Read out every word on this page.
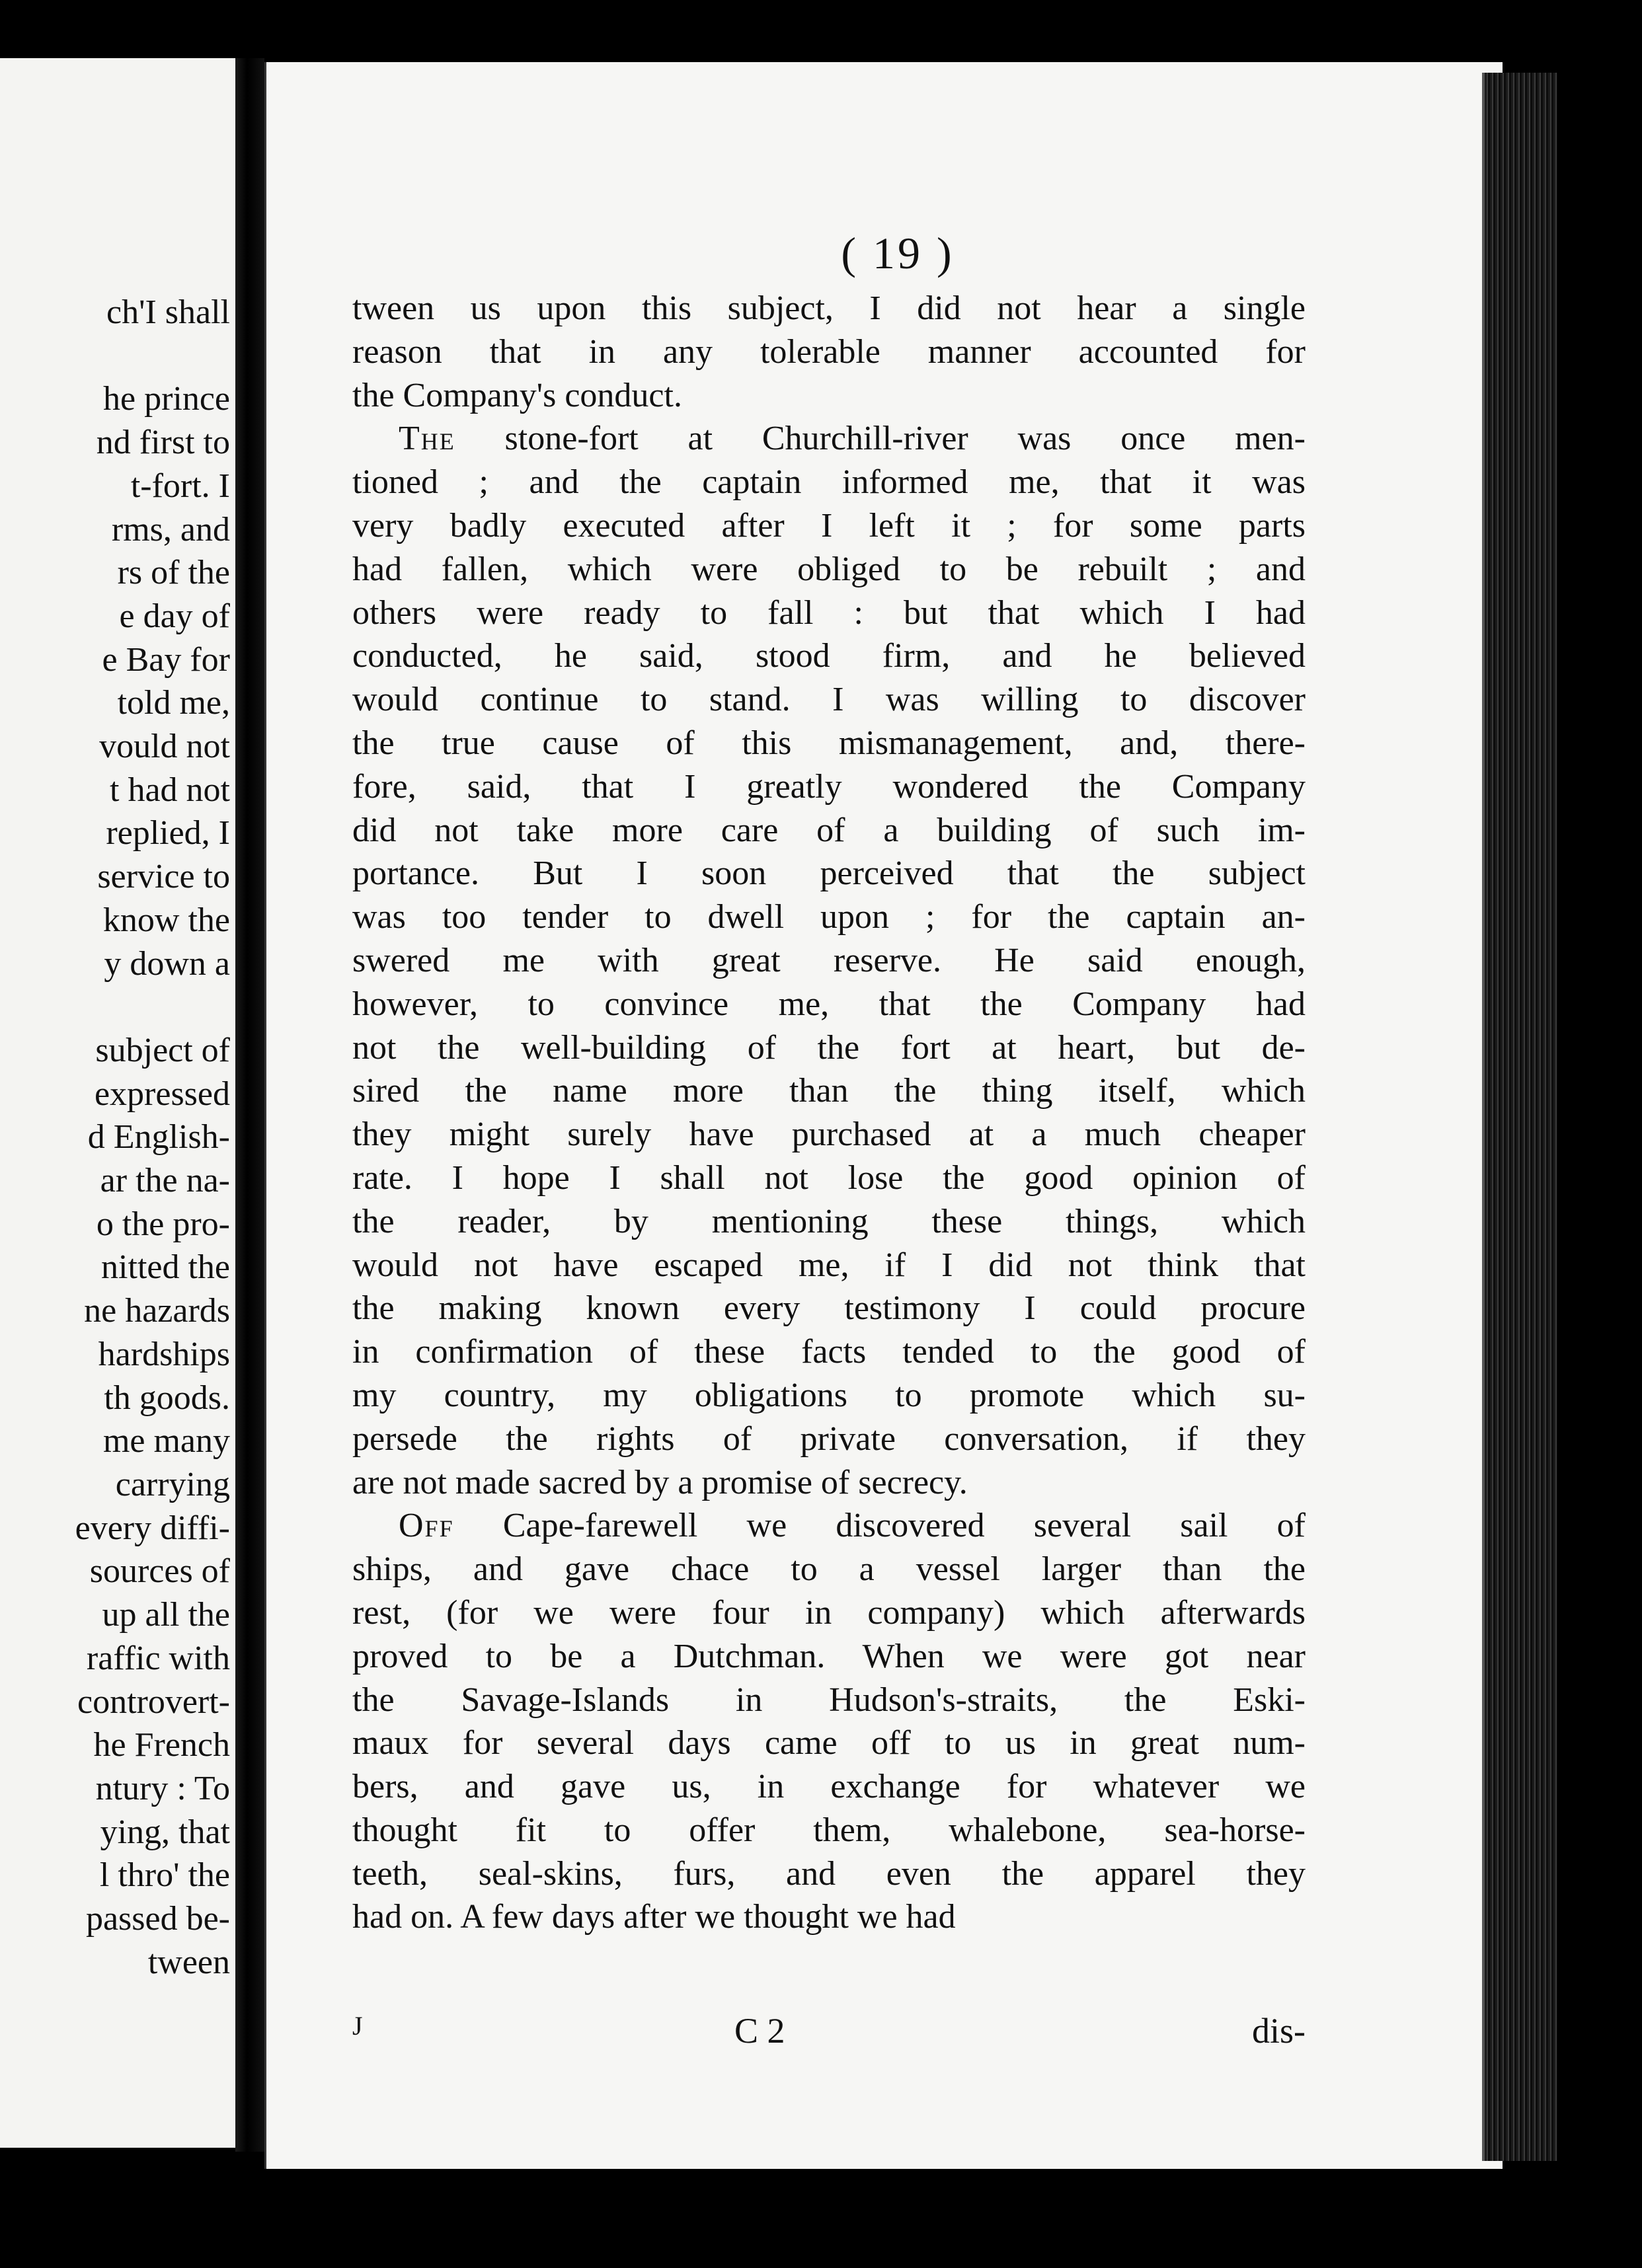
ch'I shall

he prince
nd first to
t-fort. I
rms, and
rs of the
e day of
e Bay for
told me,
vould not
t had not
replied, I
service to
know the
y down a

subject of
expressed
d English-
ar the na-
o the pro-
nitted the
ne hazards
hardships
th goods.
me many
carrying
every diffi-
sources of
up all the
raffic with
controvert-
he French
ntury : To
ying, that
l thro' the
passed be-
tween
( 19 )
tween us upon this subject, I did not hear a single
reason that in any tolerable manner accounted for
the Company's conduct.
The stone-fort at Churchill-river was once men-
tioned ; and the captain informed me, that it was
very badly executed after I left it ; for some parts
had fallen, which were obliged to be rebuilt ; and
others were ready to fall : but that which I had
conducted, he said, stood firm, and he believed
would continue to stand. I was willing to discover
the true cause of this mismanagement, and, there-
fore, said, that I greatly wondered the Company
did not take more care of a building of such im-
portance. But I soon perceived that the subject
was too tender to dwell upon ; for the captain an-
swered me with great reserve. He said enough,
however, to convince me, that the Company had
not the well-building of the fort at heart, but de-
sired the name more than the thing itself, which
they might surely have purchased at a much cheaper
rate. I hope I shall not lose the good opinion of
the reader, by mentioning these things, which
would not have escaped me, if I did not think that
the making known every testimony I could procure
in confirmation of these facts tended to the good of
my country, my obligations to promote which su-
persede the rights of private conversation, if they
are not made sacred by a promise of secrecy.
Off Cape-farewell we discovered several sail of
ships, and gave chace to a vessel larger than the
rest, (for we were four in company) which afterwards
proved to be a Dutchman. When we were got near
the Savage-Islands in Hudson's-straits, the Eski-
maux for several days came off to us in great num-
bers, and gave us, in exchange for whatever we
thought fit to offer them, whalebone, sea-horse-
teeth, seal-skins, furs, and even the apparel they
had on. A few days after we thought we had
J	C 2	dis-
